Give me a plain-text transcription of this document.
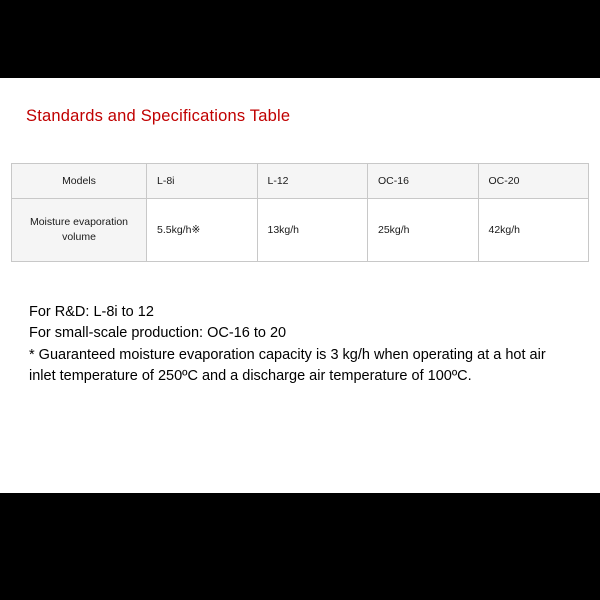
Standards and Specifications Table
Models	L-8i	L-12	OC-16	OC-20
Moisture evaporation volume	5.5kg/h※	13kg/h	25kg/h	42kg/h
For R&D: L-8i to 12
For small-scale production: OC-16 to 20
* Guaranteed moisture evaporation capacity is 3 kg/h when operating at a hot air inlet temperature of 250ºC and a discharge air temperature of 100ºC.
